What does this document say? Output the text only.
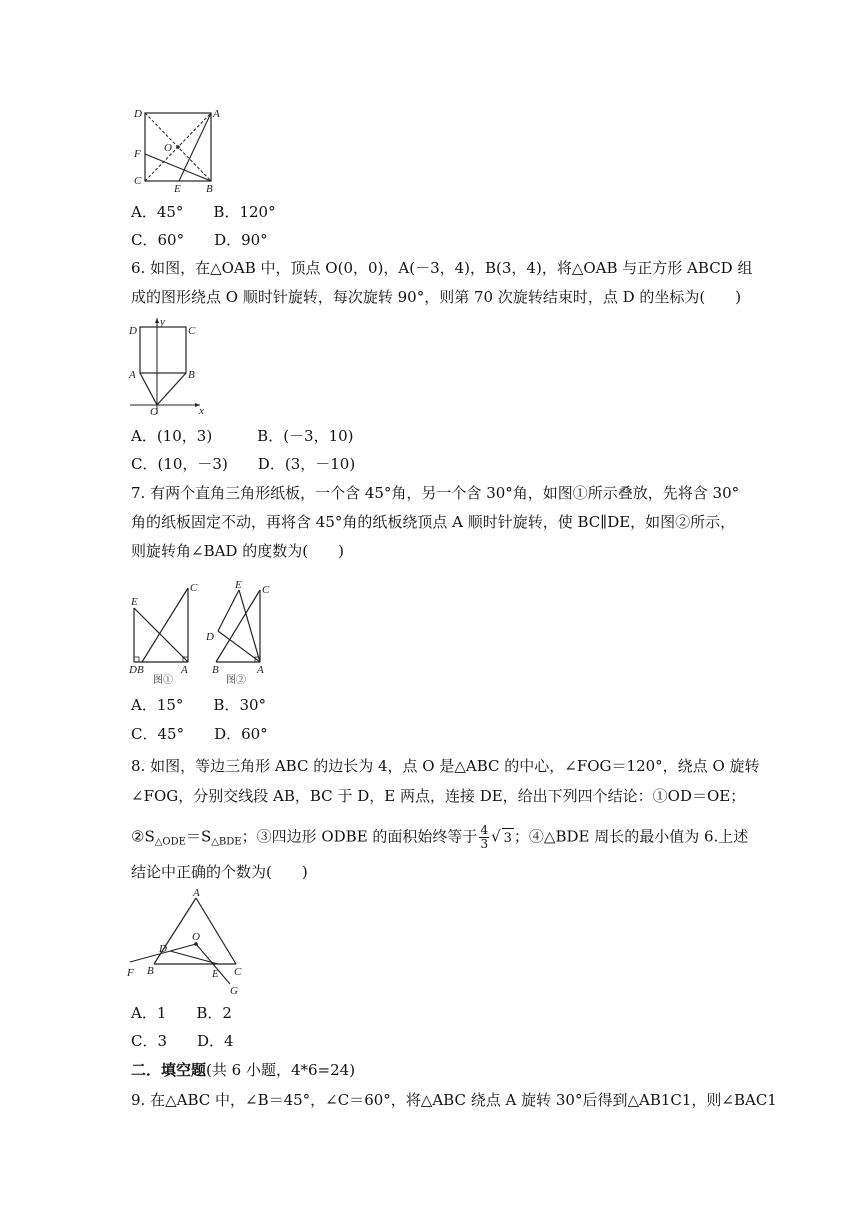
D	A
F O
C
E B
A．45°　　B．120°
C．60°　　D．90°
6. 如图，在△OAB 中，顶点 O(0，0)，A(－3，4)，B(3，4)，将△OAB 与正方形 ABCD 组
成的图形绕点 O 顺时针旋转，每次旋转 90°，则第 70 次旋转结束时，点 D 的坐标为(　　)
D
y
C
A	B
O	x
A．(10，3)　　　B．(－3，10)
C．(10，－3)　　D．(3，－10)
7. 有两个直角三角形纸板，一个含 45°角，另一个含 30°角，如图①所示叠放，先将含 30°
角的纸板固定不动，再将含 45°角的纸板绕顶点 A 顺时针旋转，使 BC∥DE，如图②所示，
则旋转角∠BAD 的度数为(　　)
E
C
DB	A
图①
E C
D
B	A
图②
A．15°　　B．30°
C．45°　　D．60°
8. 如图，等边三角形 ABC 的边长为 4，点 O 是△ABC 的中心，∠FOG＝120°，绕点 O 旋转
∠FOG，分别交线段 AB，BC 于 D，E 两点，连接 DE，给出下列四个结论：①OD＝OE；
$②S_{\triangle ODE}=S_{\triangle BDE}$；③四边形 ODBE 的面积始终等于 $\frac{4}{3}$ √ 3 ；④△BDE 周长的最小值为 6.上述
结论中正确的个数为(　　)
A
O
D
F B	E C
G
A．1　　B．2
C．3　　D．4
二．填空题(共 6 小题，4*6=24)
9. 在△ABC 中，∠B＝45°，∠C＝60°，将△ABC 绕点 A 旋转 30°后得到△AB1C1，则∠BAC1
